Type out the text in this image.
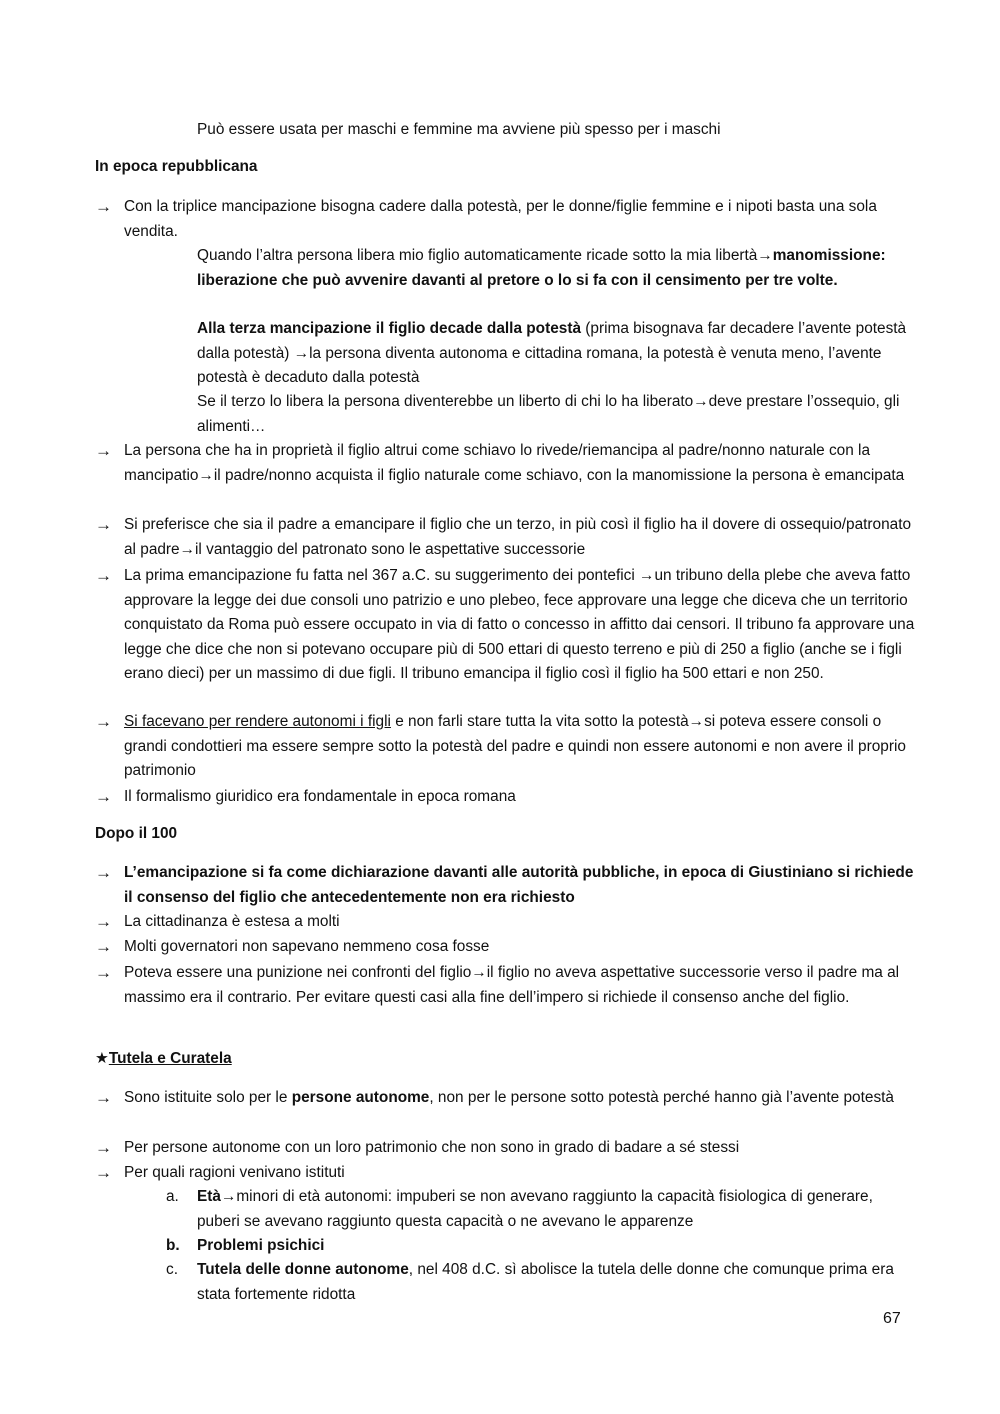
Può essere usata per maschi e femmine ma avviene più spesso per i maschi
In epoca repubblicana
→ Con la triplice mancipazione bisogna cadere dalla potestà, per le donne/figlie femmine e i nipoti basta una sola vendita.
Quando l’altra persona libera mio figlio automaticamente ricade sotto la mia libertà→manomissione: liberazione che può avvenire davanti al pretore o lo si fa con il censimento per tre volte.
Alla terza mancipazione il figlio decade dalla potestà (prima bisognava far decadere l’avente potestà dalla potestà) →la persona diventa autonoma e cittadina romana, la potestà è venuta meno, l’avente potestà è decaduto dalla potestà
Se il terzo lo libera la persona diventerebbe un liberto di chi lo ha liberato→deve prestare l’ossequio, gli alimenti…
→ La persona che ha in proprietà il figlio altrui come schiavo lo rivede/riemancipa al padre/nonno naturale con la mancipatio→il padre/nonno acquista il figlio naturale come schiavo, con la manomissione la persona è emancipata
→ Si preferisce che sia il padre a emancipare il figlio che un terzo, in più così il figlio ha il dovere di ossequio/patronato al padre→il vantaggio del patronato sono le aspettative successorie
→ La prima emancipazione fu fatta nel 367 a.C. su suggerimento dei pontefici →un tribuno della plebe che aveva fatto approvare la legge dei due consoli uno patrizio e uno plebeo, fece approvare una legge che diceva che un territorio conquistato da Roma può essere occupato in via di fatto o concesso in affitto dai censori. Il tribuno fa approvare una legge che dice che non si potevano occupare più di 500 ettari di questo terreno e più di 250 a figlio (anche se i figli erano dieci) per un massimo di due figli. Il tribuno emancipa il figlio così il figlio ha 500 ettari e non 250.
→ Si facevano per rendere autonomi i figli e non farli stare tutta la vita sotto la potestà→si poteva essere consoli o grandi condottieri ma essere sempre sotto la potestà del padre e quindi non essere autonomi e non avere il proprio patrimonio
→ Il formalismo giuridico era fondamentale in epoca romana
Dopo il 100
→ L’emancipazione si fa come dichiarazione davanti alle autorità pubbliche, in epoca di Giustiniano si richiede il consenso del figlio che antecedentemente non era richiesto
→ La cittadinanza è estesa a molti
→ Molti governatori non sapevano nemmeno cosa fosse
→ Poteva essere una punizione nei confronti del figlio→il figlio no aveva aspettative successorie verso il padre ma al massimo era il contrario. Per evitare questi casi alla fine dell’impero si richiede il consenso anche del figlio.
★Tutela e Curatela
→ Sono istituite solo per le persone autonome, non per le persone sotto potestà perché hanno già l’avente potestà
→ Per persone autonome con un loro patrimonio che non sono in grado di badare a sé stessi
→ Per quali ragioni venivano istituti
a. Età→minori di età autonomi: impuberi se non avevano raggiunto la capacità fisiologica di generare, puberi se avevano raggiunto questa capacità o ne avevano le apparenze
b. Problemi psichici
c. Tutela delle donne autonome, nel 408 d.C. sì abolisce la tutela delle donne che comunque prima era stata fortemente ridotta
67
